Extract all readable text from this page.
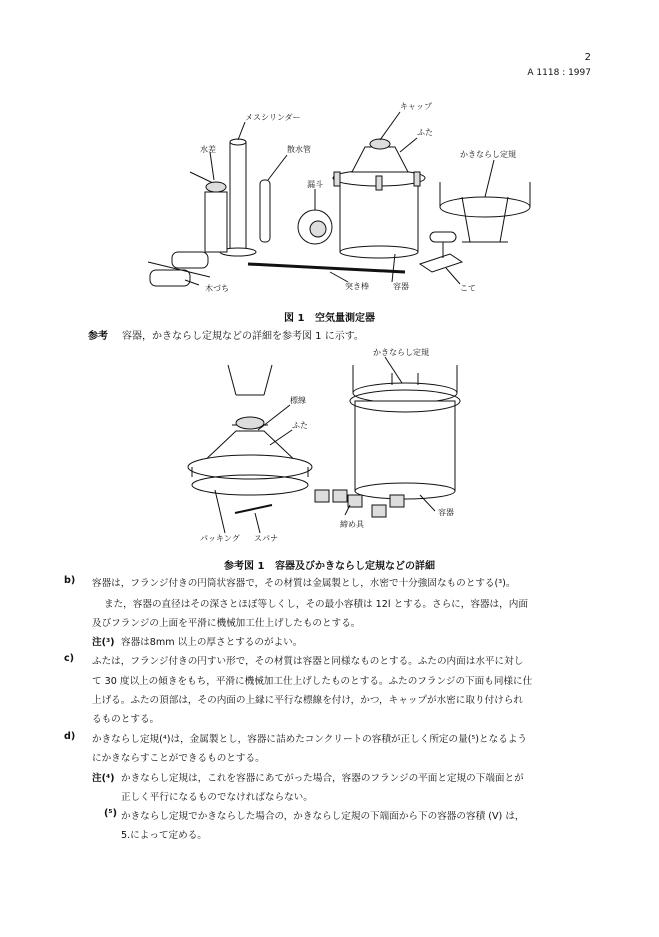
2
A 1118 : 1997
メスシリンダー
キャップ
ふた
水差	散水管
漏斗
かきならし定規
木づち	突き棒	容器	こて
図 1 空気量測定器
参考 容器，かきならし定規などの詳細を参考図 1 に示す。
かきならし定規
標線
ふた
容器
パッキング スパナ
締め具
参考図 1 容器及びかきならし定規などの詳細
b) 容器は，フランジ付きの円筒状容器で，その材質は金属製とし，水密で十分強固なものとする(³)。
また，容器の直径はその深さとほぼ等しくし，その最小容積は 12l とする。さらに，容器は，内面
及びフランジの上面を平滑に機械加工仕上げしたものとする。
注(³) 容器は8mm 以上の厚さとするのがよい。
c) ふたは，フランジ付きの円すい形で，その材質は容器と同様なものとする。ふたの内面は水平に対し
て 30 度以上の傾きをもち，平滑に機械加工仕上げしたものとする。ふたのフランジの下面も同様に仕
上げる。ふたの頂部は，その内面の上縁に平行な標線を付け，かつ，キャップが水密に取り付けられ
るものとする。
d) かきならし定規(⁴)は，金属製とし，容器に詰めたコンクリートの容積が正しく所定の量(⁵)となるよう
にかきならすことができるものとする。
注(⁴) かきならし定規は，これを容器にあてがった場合，容器のフランジの平面と定規の下端面とが
正しく平行になるものでなければならない。
(⁵) かきならし定規でかきならした場合の，かきならし定規の下端面から下の容器の容積 (V) は，
5.によって定める。
